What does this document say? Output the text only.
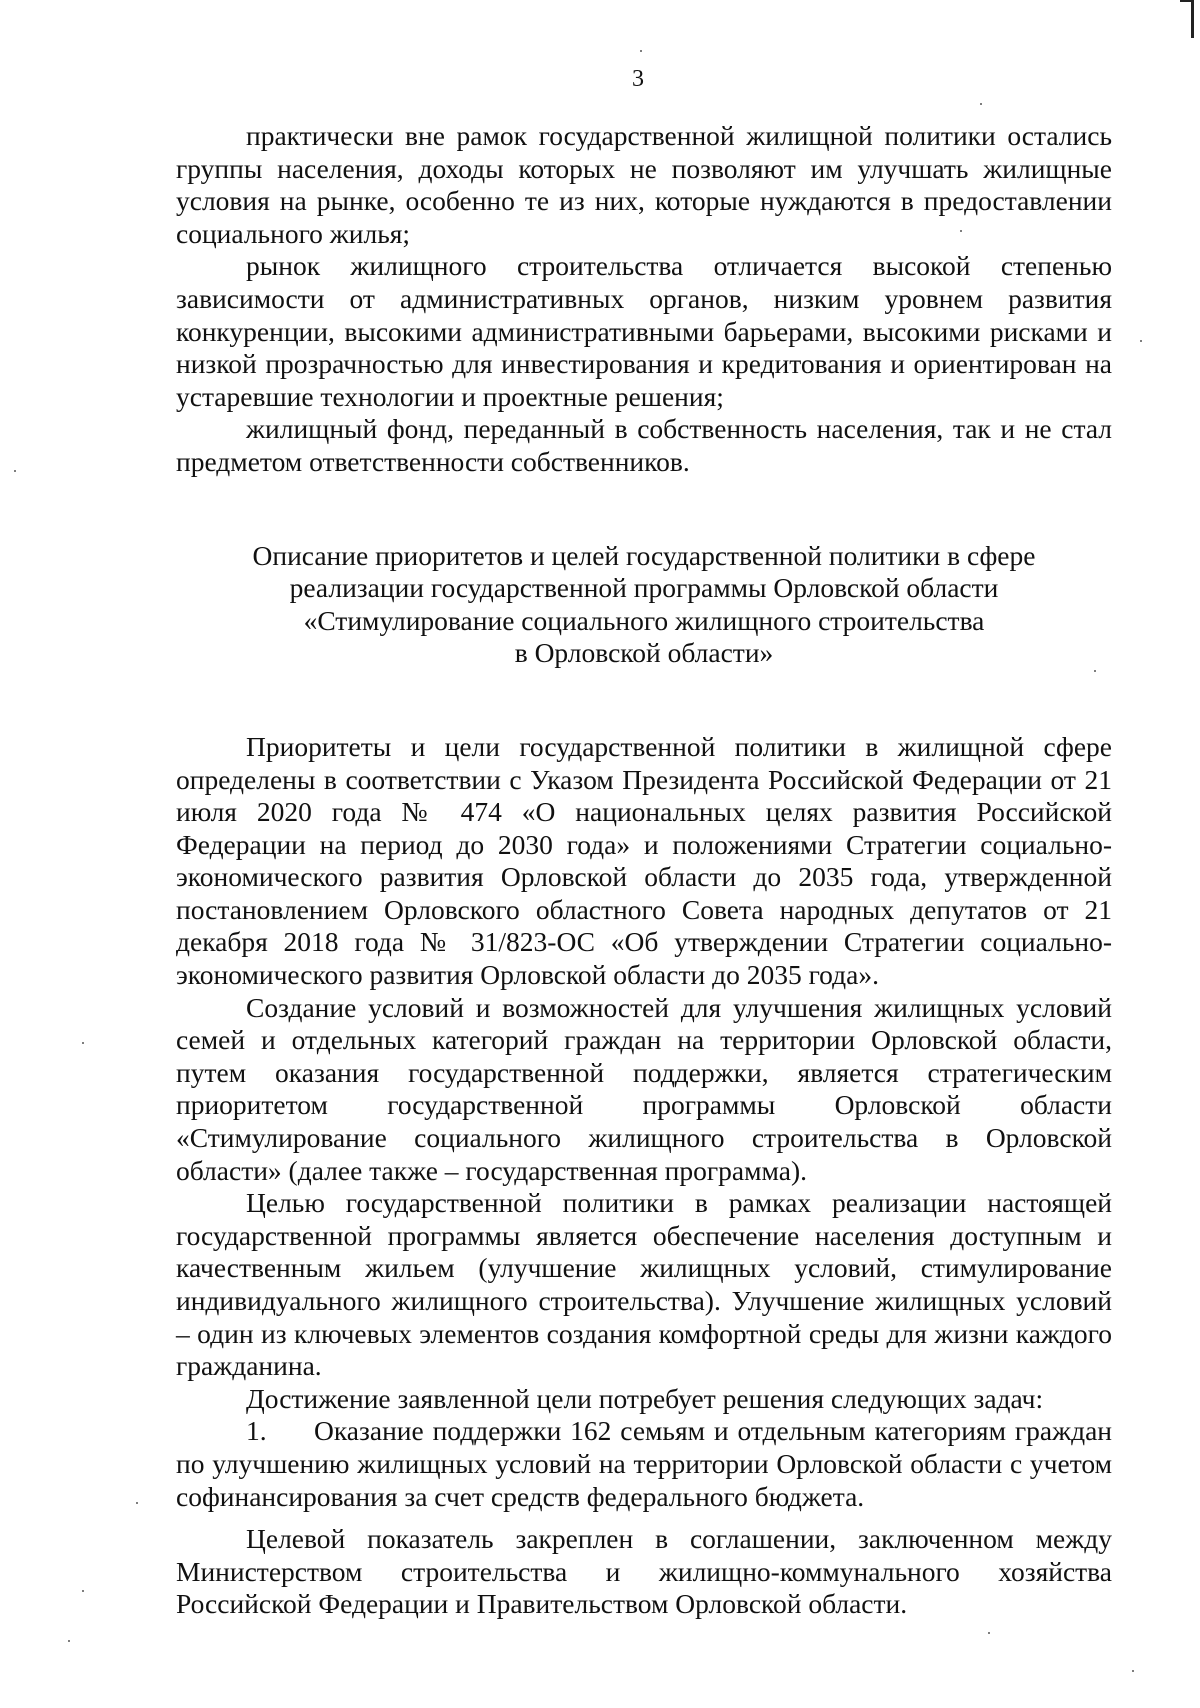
3

практически вне рамок государственной жилищной политики остались группы населения, доходы которых не позволяют им улучшать жилищные условия на рынке, особенно те из них, которые нуждаются в предоставлении социального жилья;

рынок жилищного строительства отличается высокой степенью зависимости от административных органов, низким уровнем развития конкуренции, высокими административными барьерами, высокими рисками и низкой прозрачностью для инвестирования и кредитования и ориентирован на устаревшие технологии и проектные решения;

жилищный фонд, переданный в собственность населения, так и не стал предметом ответственности собственников.

Описание приоритетов и целей государственной политики в сфере
реализации государственной программы Орловской области
«Стимулирование социального жилищного строительства
в Орловской области»

Приоритеты и цели государственной политики в жилищной сфере определены в соответствии с Указом Президента Российской Федерации от 21 июля 2020 года № 474 «О национальных целях развития Российской Федерации на период до 2030 года» и положениями Стратегии социально-экономического развития Орловской области до 2035 года, утвержденной постановлением Орловского областного Совета народных депутатов от 21 декабря 2018 года № 31/823-ОС «Об утверждении Стратегии социально-экономического развития Орловской области до 2035 года».

Создание условий и возможностей для улучшения жилищных условий семей и отдельных категорий граждан на территории Орловской области, путем оказания государственной поддержки, является стратегическим приоритетом государственной программы Орловской области «Стимулирование социального жилищного строительства в Орловской области» (далее также – государственная программа).

Целью государственной политики в рамках реализации настоящей государственной программы является обеспечение населения доступным и качественным жильем (улучшение жилищных условий, стимулирование индивидуального жилищного строительства). Улучшение жилищных условий – один из ключевых элементов создания комфортной среды для жизни каждого гражданина.

Достижение заявленной цели потребует решения следующих задач:

1. Оказание поддержки 162 семьям и отдельным категориям граждан по улучшению жилищных условий на территории Орловской области с учетом софинансирования за счет средств федерального бюджета.

Целевой показатель закреплен в соглашении, заключенном между Министерством строительства и жилищно-коммунального хозяйства Российской Федерации и Правительством Орловской области.
